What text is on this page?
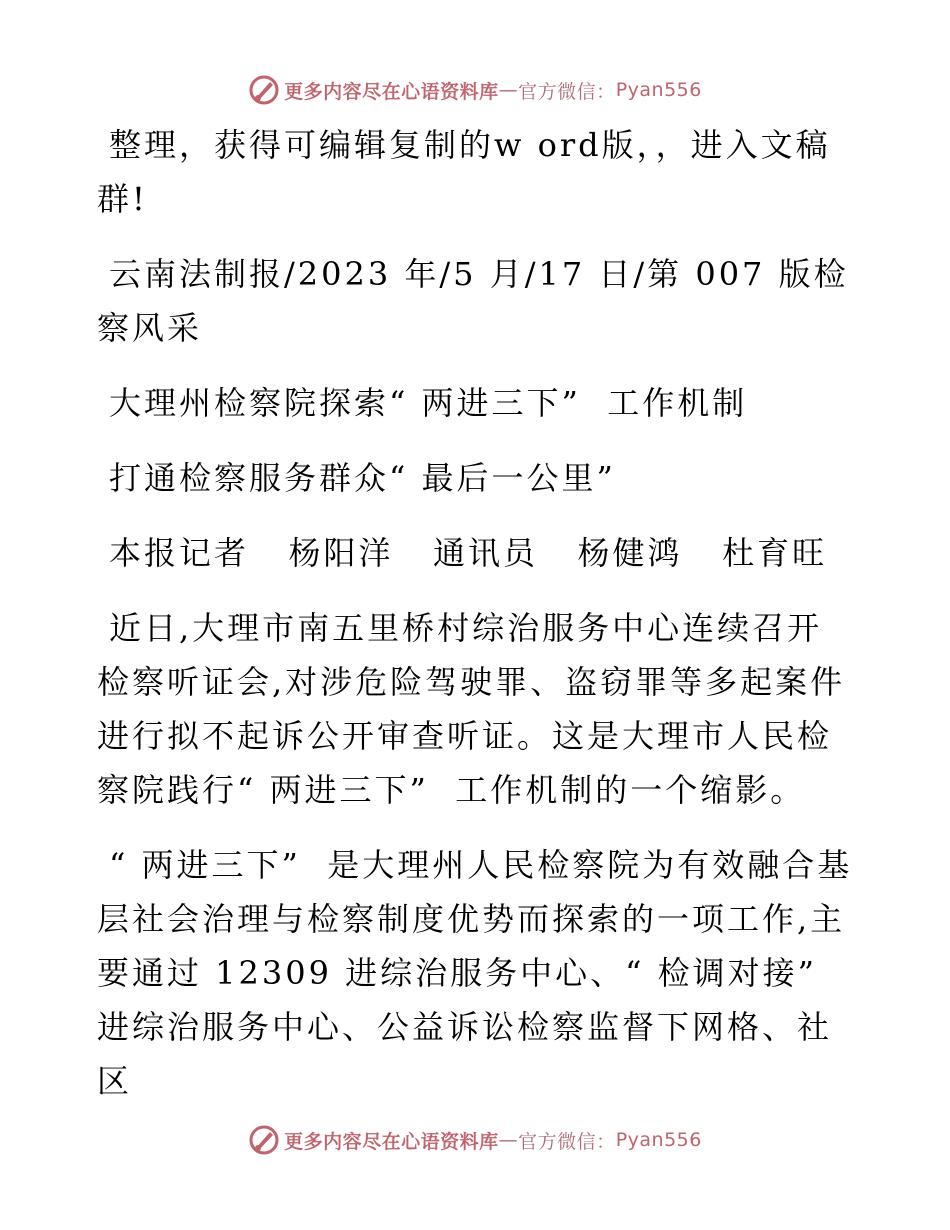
更多内容尽在心语资料库 — 官方微信： Pyan556

整理，获得可编辑复制的w ord版，，进入文稿群!

云南法制报/2023 年/5 月/17 日/第 007 版检察风采

大理州检察院探索“ 两进三下”  工作机制

打通检察服务群众“ 最后一公里”

本报记者   杨阳洋   通讯员   杨健鸿   杜育旺

近日,大理市南五里桥村综治服务中心连续召开检察听证会,对涉危险驾驶罪、盗窃罪等多起案件进行拟不起诉公开审查听证。这是大理市人民检察院践行“ 两进三下”  工作机制的一个缩影。

“ 两进三下”  是大理州人民检察院为有效融合基层社会治理与检察制度优势而探索的一项工作,主要通过 12309 进综治服务中心、“ 检调对接” 进综治服务中心、公益诉讼检察监督下网格、社区

更多内容尽在心语资料库 — 官方微信： Pyan556
